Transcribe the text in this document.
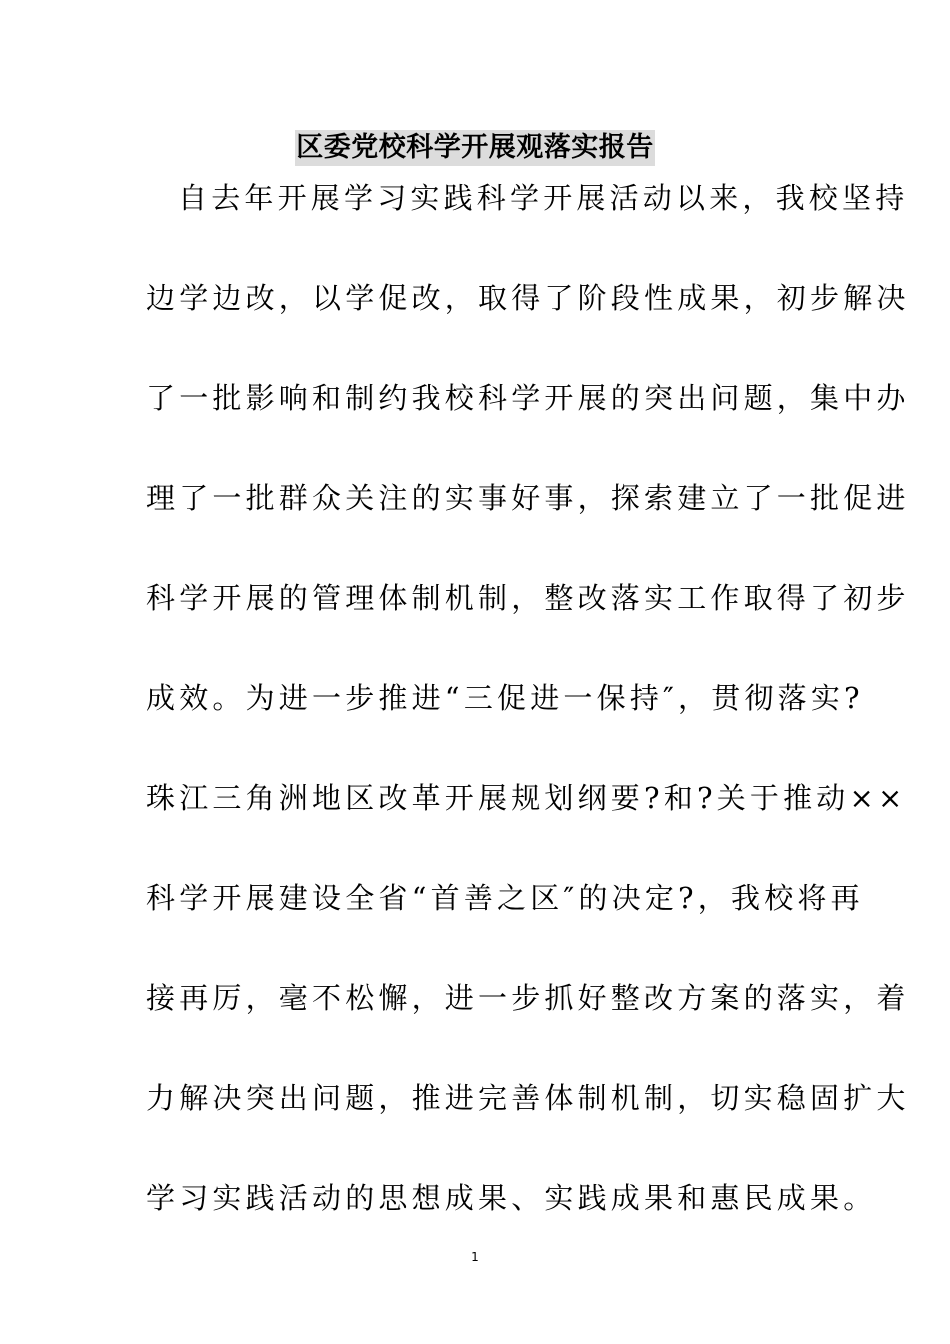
区委党校科学开展观落实报告
自去年开展学习实践科学开展活动以来，我校坚持
边学边改，以学促改，取得了阶段性成果，初步解决
了一批影响和制约我校科学开展的突出问题，集中办
理了一批群众关注的实事好事，探索建立了一批促进
科学开展的管理体制机制，整改落实工作取得了初步
成效。为进一步推进“三促进一保持″，贯彻落实?
珠江三角洲地区改革开展规划纲要?和?关于推动××
科学开展建设全省“首善之区″的决定?，我校将再
接再厉，毫不松懈，进一步抓好整改方案的落实，着
力解决突出问题，推进完善体制机制，切实稳固扩大
学习实践活动的思想成果、实践成果和惠民成果。
1
